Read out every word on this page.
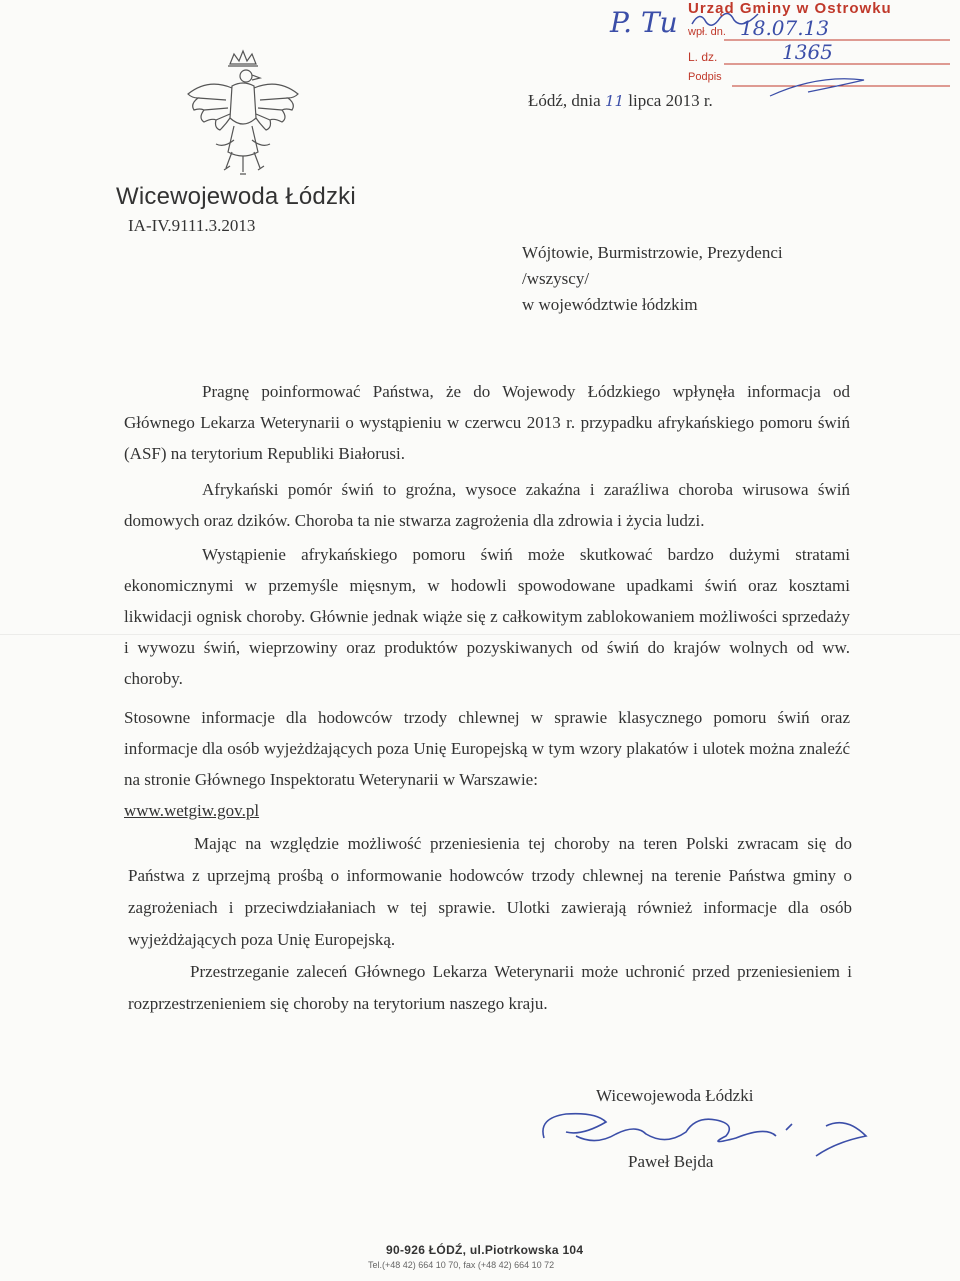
Wicewojewoda Łódzki
IA-IV.9111.3.2013
Łódź, dnia 11 lipca 2013 r.
P. Tu Urząd Gminy w Ostrowku
wpł. dn. 18.07.13
L. dz.	1365
Podpis
Wójtowie, Burmistrzowie, Prezydenci
/wszyscy/
w województwie łódzkim

Pragnę poinformować Państwa, że do Wojewody Łódzkiego wpłynęła informacja od Głównego Lekarza Weterynarii o wystąpieniu w czerwcu 2013 r. przypadku afrykańskiego pomoru świń (ASF) na terytorium Republiki Białorusi.

Afrykański pomór świń to groźna, wysoce zakaźna i zaraźliwa choroba wirusowa świń domowych oraz dzików. Choroba ta nie stwarza zagrożenia dla zdrowia i życia ludzi.

Wystąpienie afrykańskiego pomoru świń może skutkować bardzo dużymi stratami ekonomicznymi w przemyśle mięsnym, w hodowli spowodowane upadkami świń oraz kosztami likwidacji ognisk choroby. Głównie jednak wiąże się z całkowitym zablokowaniem możliwości sprzedaży i wywozu świń, wieprzowiny oraz produktów pozyskiwanych od świń do krajów wolnych od ww. choroby.

Stosowne informacje dla hodowców trzody chlewnej w sprawie klasycznego pomoru świń oraz informacje dla osób wyjeżdżających poza Unię Europejską w tym wzory plakatów i ulotek można znaleźć na stronie Głównego Inspektoratu Weterynarii w Warszawie:
www.wetgiw.gov.pl

Mając na względzie możliwość przeniesienia tej choroby na teren Polski zwracam się do Państwa z uprzejmą prośbą o informowanie hodowców trzody chlewnej na terenie Państwa gminy o zagrożeniach i przeciwdziałaniach w tej sprawie. Ulotki zawierają również informacje dla osób wyjeżdżających poza Unię Europejską.

Przestrzeganie zaleceń Głównego Lekarza Weterynarii może uchronić przed przeniesieniem i rozprzestrzenieniem się choroby na terytorium naszego kraju.

Wicewojewoda Łódzki
Paweł Bejda
90-926 ŁÓDŹ, ul.Piotrkowska 104
Tel.(+48 42) 664 10 70, fax (+48 42) 664 10 72
